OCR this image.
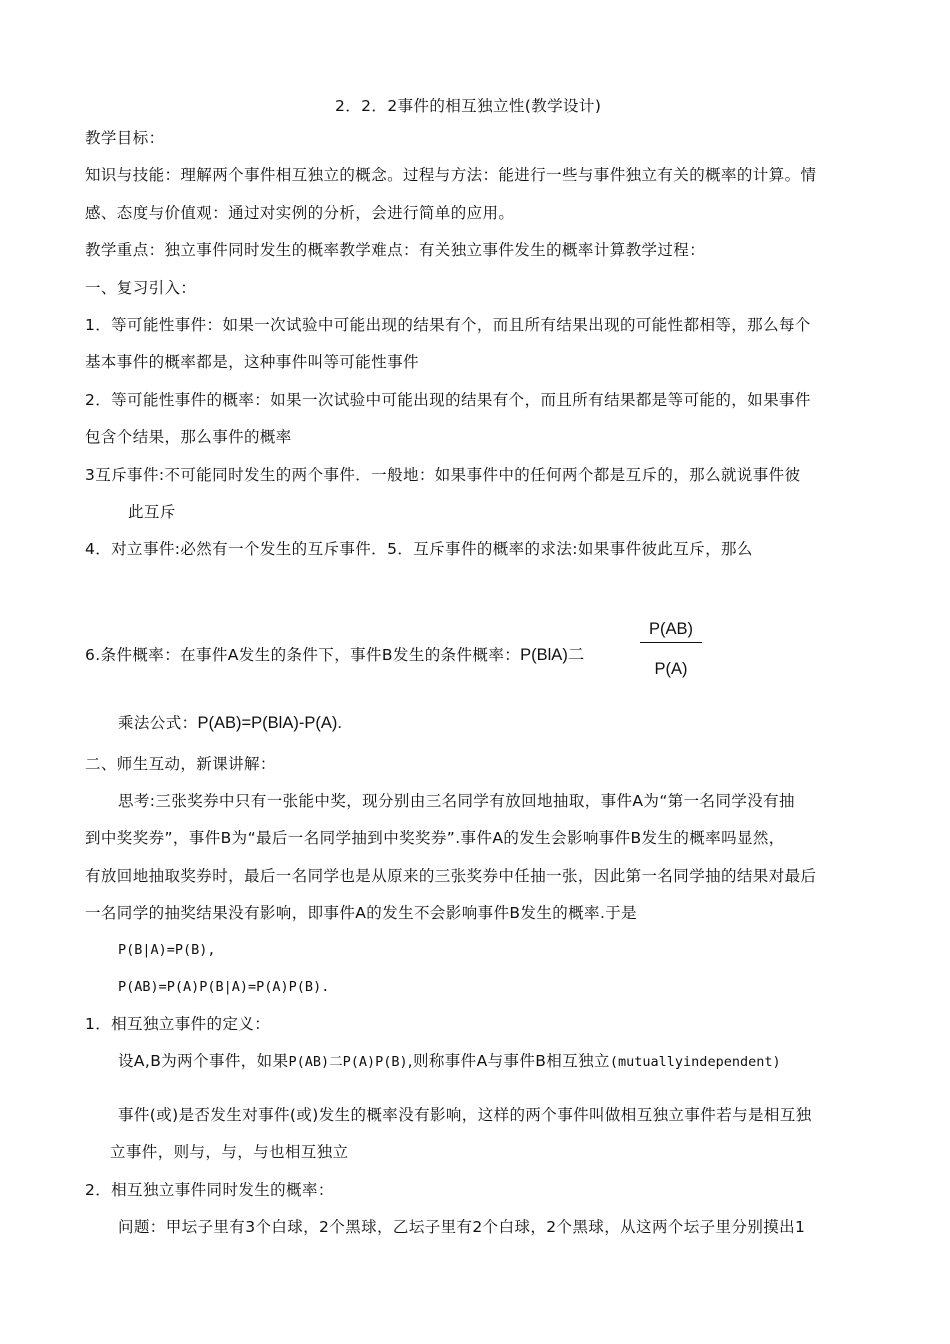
2．2．2事件的相互独立性(教学设计)
教学目标：
知识与技能：理解两个事件相互独立的概念。过程与方法：能进行一些与事件独立有关的概率的计算。情
感、态度与价值观：通过对实例的分析，会进行简单的应用。
教学重点：独立事件同时发生的概率教学难点：有关独立事件发生的概率计算教学过程：
一、复习引入：
1．等可能性事件：如果一次试验中可能出现的结果有个，而且所有结果出现的可能性都相等，那么每个
基本事件的概率都是，这种事件叫等可能性事件
2．等可能性事件的概率：如果一次试验中可能出现的结果有个，而且所有结果都是等可能的，如果事件
包含个结果，那么事件的概率
3互斥事件:不可能同时发生的两个事件．一般地：如果事件中的任何两个都是互斥的，那么就说事件彼
此互斥
4．对立事件:必然有一个发生的互斥事件．5．互斥事件的概率的求法:如果事件彼此互斥，那么
6.条件概率：在事件A发生的条件下，事件B发生的条件概率：P(BlA)二	$\frac{P(AB)}{P(A)}$
乘法公式：P(AB)=P(BlA)-P(A).
二、师生互动，新课讲解：
思考:三张奖券中只有一张能中奖，现分别由三名同学有放回地抽取，事件A为“第一名同学没有抽
到中奖奖券”，事件B为“最后一名同学抽到中奖奖券”.事件A的发生会影响事件B发生的概率吗显然，
有放回地抽取奖券时，最后一名同学也是从原来的三张奖券中任抽一张，因此第一名同学抽的结果对最后
一名同学的抽奖结果没有影响，即事件A的发生不会影响事件B发生的概率.于是
P(B|A)=P(B),
P(AB)=P(A)P(B|A)=P(A)P(B).
1．相互独立事件的定义：
设A,B为两个事件，如果P(AB)二P(A)P(B),则称事件A与事件B相互独立(mutuallyindependent)
事件(或)是否发生对事件(或)发生的概率没有影响，这样的两个事件叫做相互独立事件若与是相互独
立事件，则与，与，与也相互独立
2．相互独立事件同时发生的概率：
问题：甲坛子里有3个白球，2个黑球，乙坛子里有2个白球，2个黑球，从这两个坛子里分别摸出1
